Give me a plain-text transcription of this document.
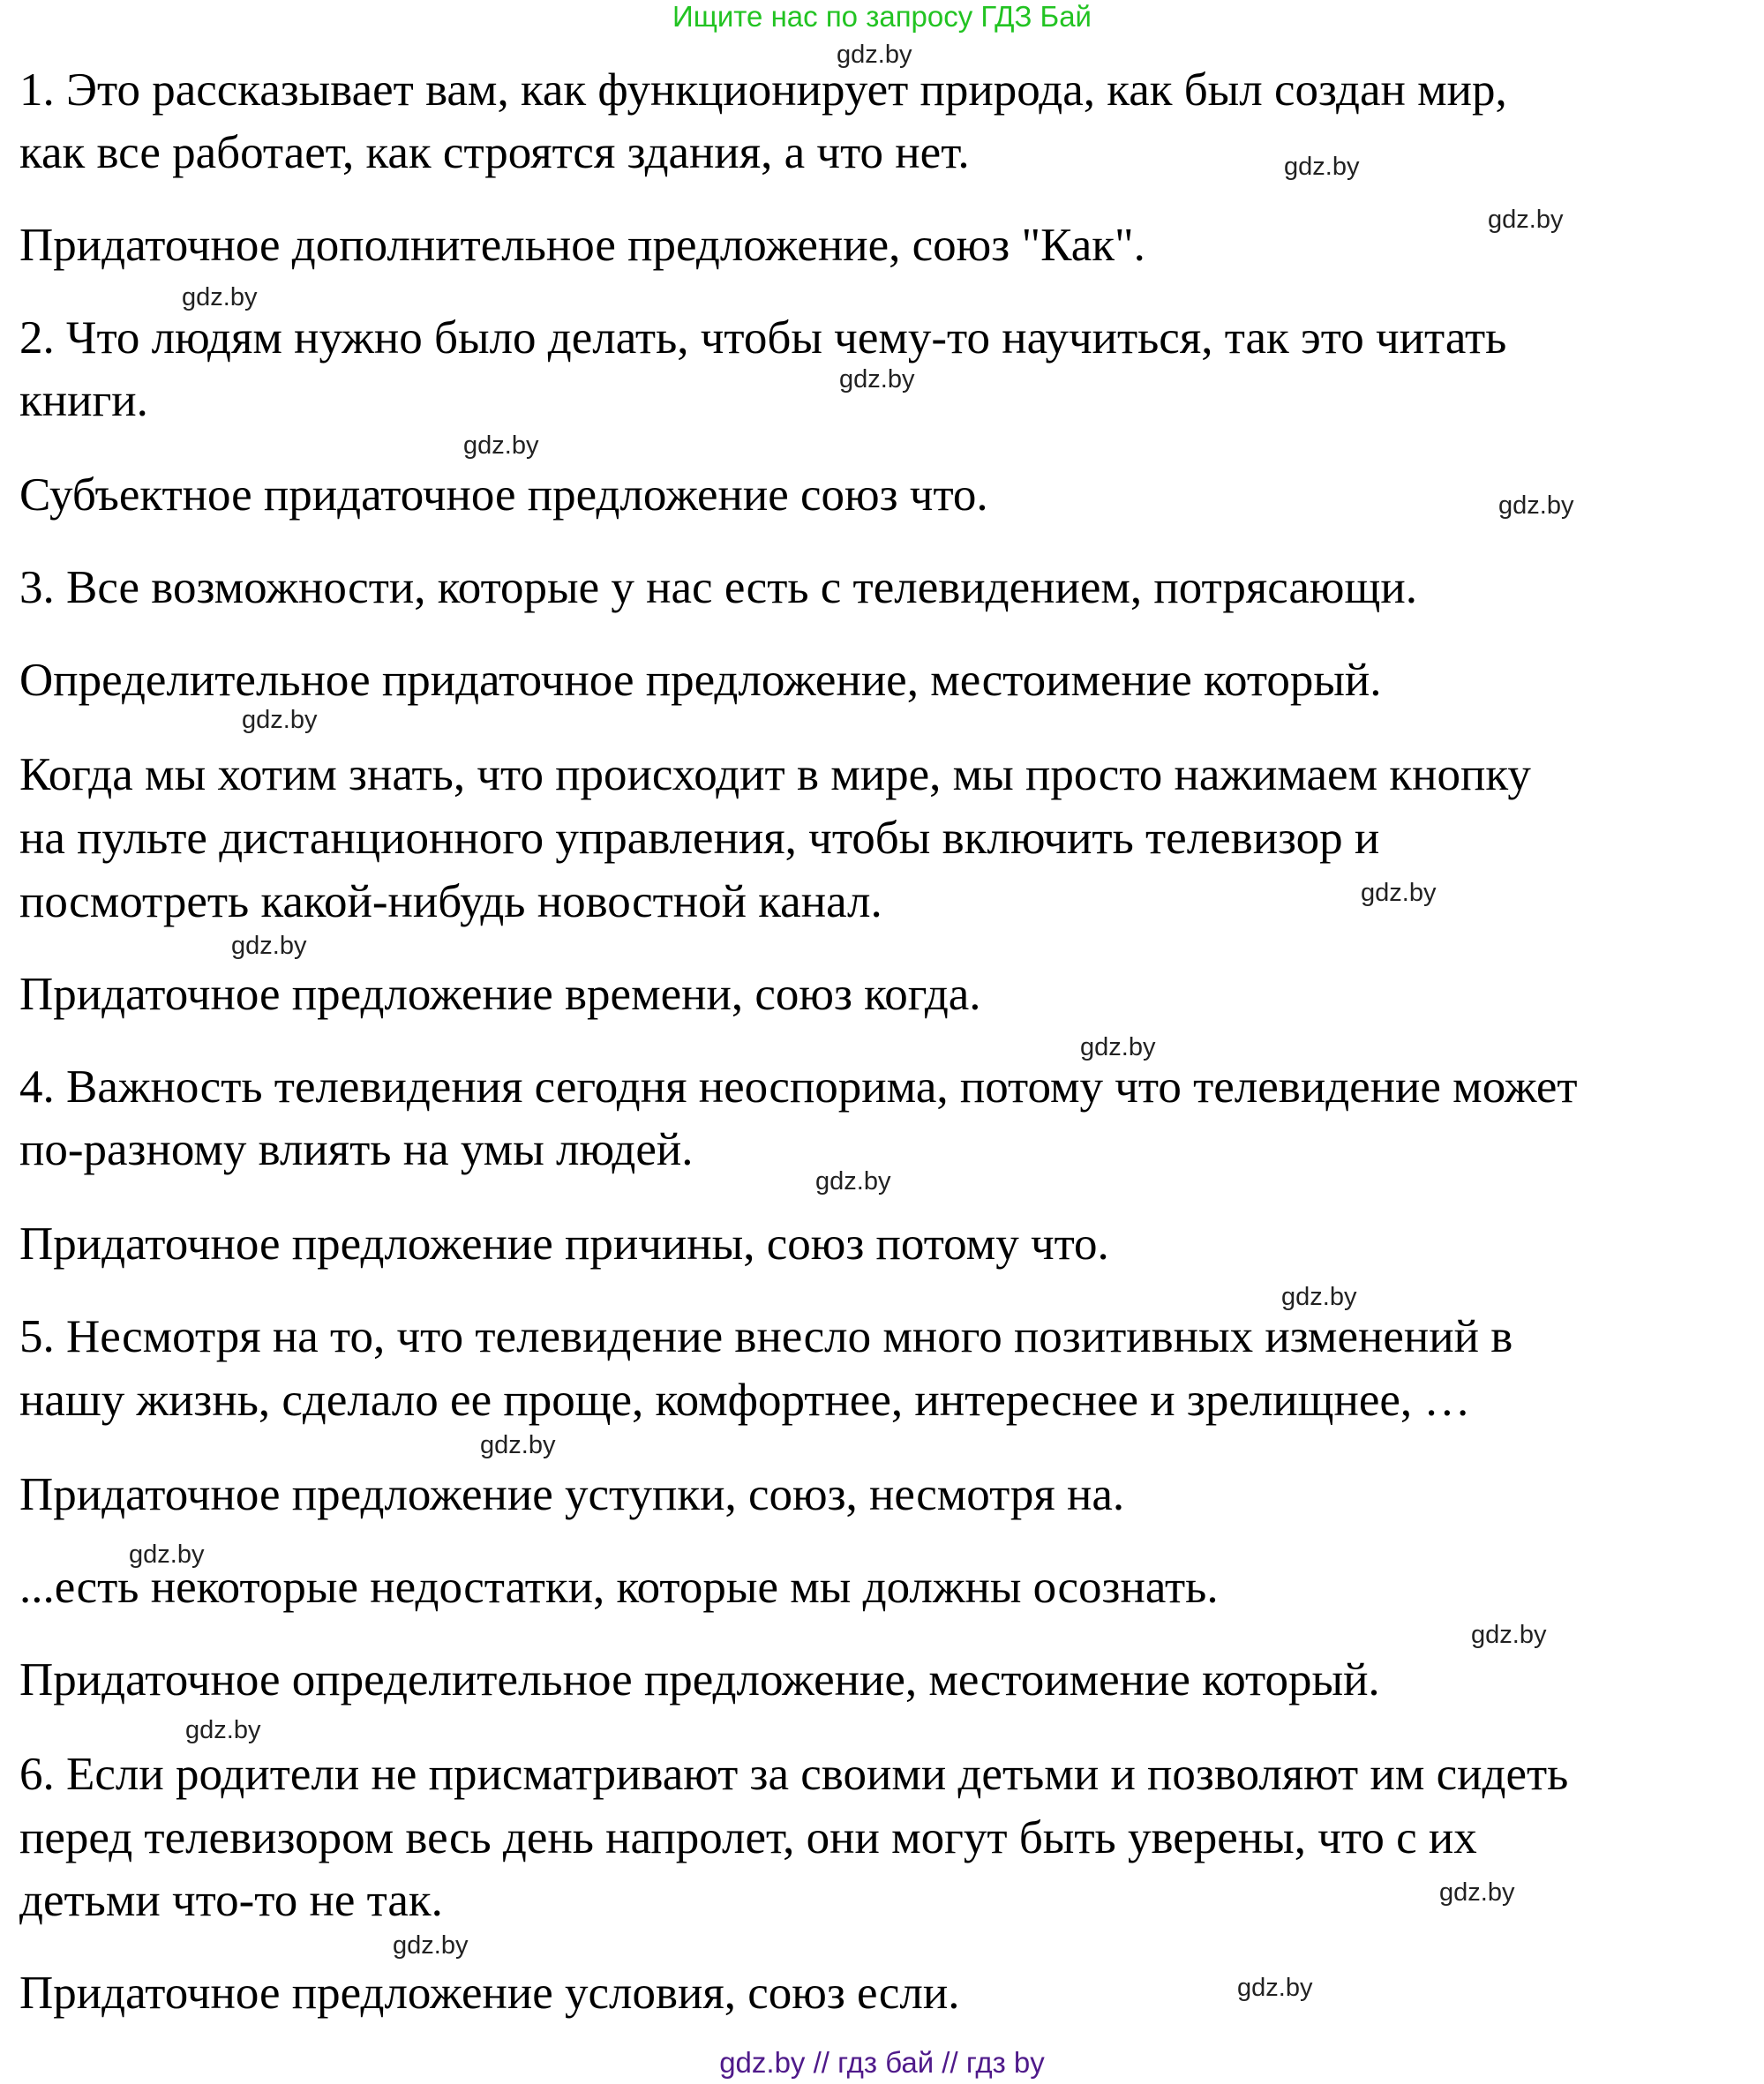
Ищите нас по запросу ГДЗ Бай
1. Это рассказывает вам, как функционирует природа, как был создан мир,
как все работает, как строятся здания, а что нет.
Придаточное дополнительное предложение, союз "Как".
2. Что людям нужно было делать, чтобы чему-то научиться, так это читать
книги.
Субъектное придаточное предложение союз что.
3. Все возможности, которые у нас есть с телевидением, потрясающи.
Определительное придаточное предложение, местоимение который.
Когда мы хотим знать, что происходит в мире, мы просто нажимаем кнопку
на пульте дистанционного управления, чтобы включить телевизор и
посмотреть какой-нибудь новостной канал.
Придаточное предложение времени, союз когда.
4. Важность телевидения сегодня неоспорима, потому что телевидение может
по-разному влиять на умы людей.
Придаточное предложение причины, союз потому что.
5. Несмотря на то, что телевидение внесло много позитивных изменений в
нашу жизнь, сделало ее проще, комфортнее, интереснее и зрелищнее, …
Придаточное предложение уступки, союз, несмотря на.
...есть некоторые недостатки, которые мы должны осознать.
Придаточное определительное предложение, местоимение который.
6. Если родители не присматривают за своими детьми и позволяют им сидеть
перед телевизором весь день напролет, они могут быть уверены, что с их
детьми что-то не так.
Придаточное предложение условия, союз если.
gdz.by
gdz.by
gdz.by
gdz.by
gdz.by
gdz.by
gdz.by
gdz.by
gdz.by
gdz.by
gdz.by
gdz.by
gdz.by
gdz.by
gdz.by
gdz.by
gdz.by
gdz.by
gdz.by
gdz.by
gdz.by // гдз бай // гдз by
